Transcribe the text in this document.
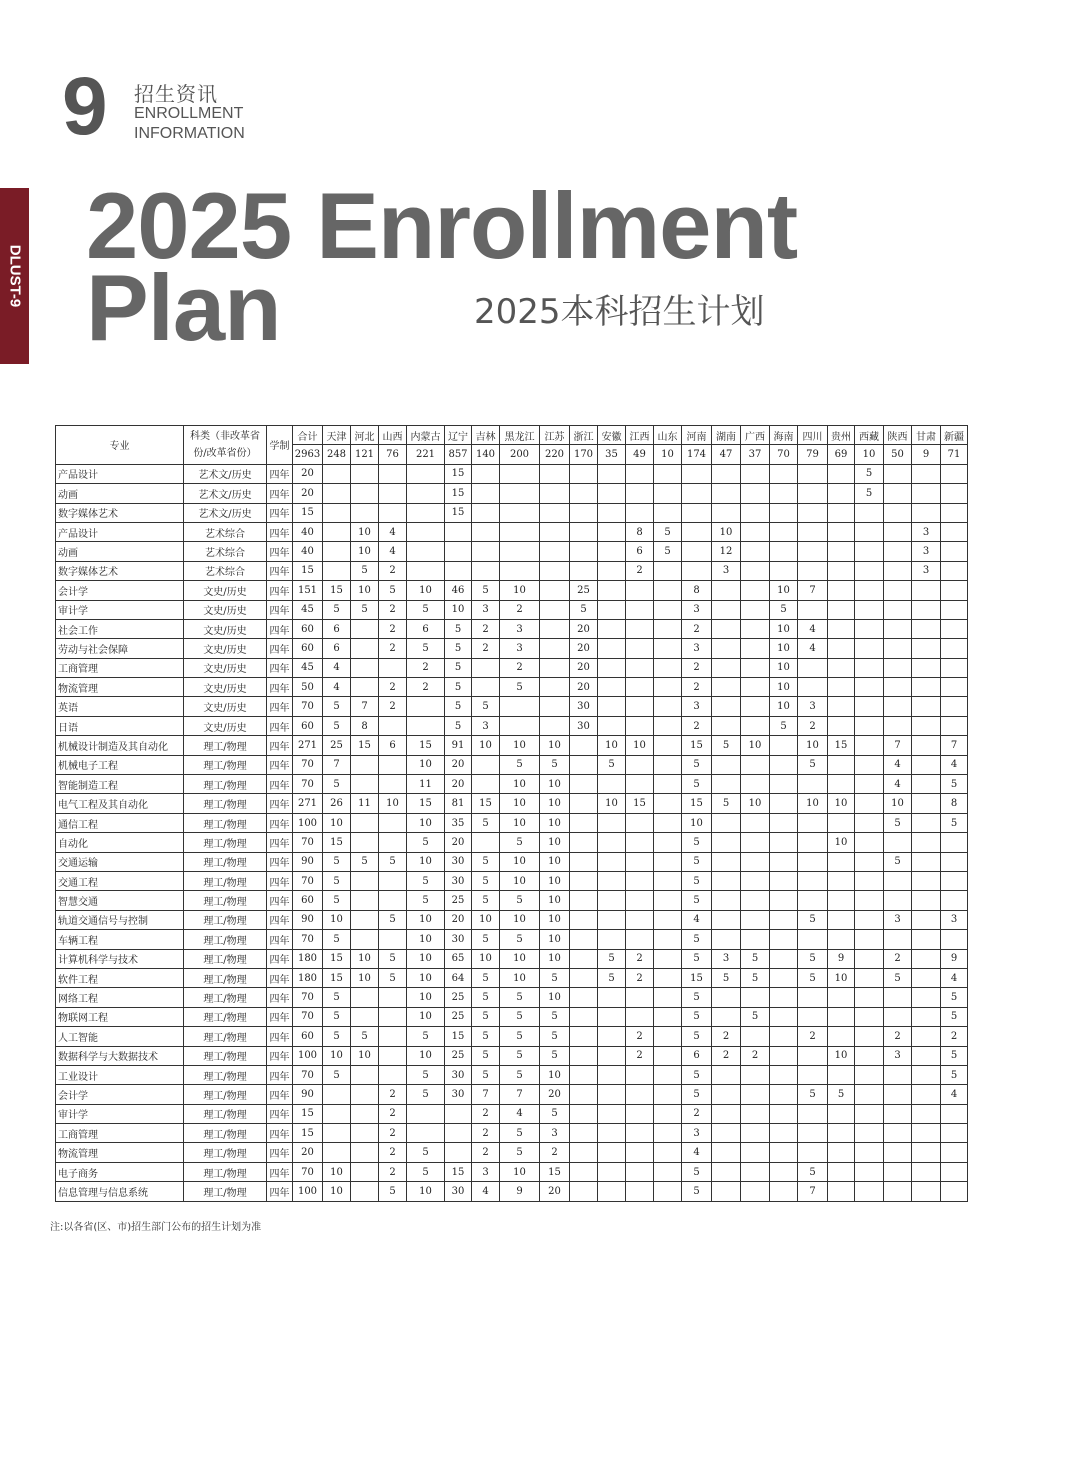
DLUST-9
9 招生资讯
ENROLLMENT
INFORMATION
2025 Enrollment
Plan	2025本科招生计划
专业	科类（非改革省份/改革省份）	学制	合计	天津	河北	山西	内蒙古	辽宁	吉林	黑龙江	江苏	浙江	安徽	江西	山东	河南	湖南	广西	海南	四川	贵州	西藏	陕西	甘肃	新疆
			2963	248	121	76	221	857	140	200	220	170	35	49	10	174	47	37	70	79	69	10	50	9	71
产品设计	艺术文/历史	四年	20					15														5			
动画	艺术文/历史	四年	20					15														5			
数字媒体艺术	艺术文/历史	四年	15					15																	
产品设计	艺术综合	四年	40		10	4								8	5		10							3	
动画	艺术综合	四年	40		10	4								6	5		12							3	
数字媒体艺术	艺术综合	四年	15		5	2								2			3							3	
会计学	文史/历史	四年	151	15	10	5	10	46	5	10		25				8			10	7					
审计学	文史/历史	四年	45	5	5	2	5	10	3	2		5				3			5						
社会工作	文史/历史	四年	60	6		2	6	5	2	3		20				2			10	4					
劳动与社会保障	文史/历史	四年	60	6		2	5	5	2	3		20				3			10	4					
工商管理	文史/历史	四年	45	4			2	5		2		20				2			10						
物流管理	文史/历史	四年	50	4		2	2	5		5		20				2			10						
英语	文史/历史	四年	70	5	7	2		5	5			30				3			10	3					
日语	文史/历史	四年	60	5	8			5	3			30				2			5	2					
机械设计制造及其自动化	理工/物理	四年	271	25	15	6	15	91	10	10	10		10	10		15	5	10		10	15		7		7
机械电子工程	理工/物理	四年	70	7			10	20		5	5		5			5				5			4		4
智能制造工程	理工/物理	四年	70	5			11	20		10	10					5							4		5
电气工程及其自动化	理工/物理	四年	271	26	11	10	15	81	15	10	10		10	15		15	5	10		10	10		10		8
通信工程	理工/物理	四年	100	10			10	35	5	10	10					10							5		5
自动化	理工/物理	四年	70	15			5	20		5	10					5					10				
交通运输	理工/物理	四年	90	5	5	5	10	30	5	10	10					5							5		
交通工程	理工/物理	四年	70	5			5	30	5	10	10					5									
智慧交通	理工/物理	四年	60	5			5	25	5	5	10					5									
轨道交通信号与控制	理工/物理	四年	90	10		5	10	20	10	10	10					4				5			3		3
车辆工程	理工/物理	四年	70	5			10	30	5	5	10					5									
计算机科学与技术	理工/物理	四年	180	15	10	5	10	65	10	10	10		5	2		5	3	5		5	9		2		9
软件工程	理工/物理	四年	180	15	10	5	10	64	5	10	5		5	2		15	5	5		5	10		5		4
网络工程	理工/物理	四年	70	5			10	25	5	5	10					5									5
物联网工程	理工/物理	四年	70	5			10	25	5	5	5					5		5							5
人工智能	理工/物理	四年	60	5	5		5	15	5	5	5			2		5	2			2			2		2
数据科学与大数据技术	理工/物理	四年	100	10	10		10	25	5	5	5			2		6	2	2			10		3		5
工业设计	理工/物理	四年	70	5			5	30	5	5	10					5									5
会计学	理工/物理	四年	90			2	5	30	7	7	20					5				5	5				4
审计学	理工/物理	四年	15			2			2	4	5					2									
工商管理	理工/物理	四年	15			2			2	5	3					3									
物流管理	理工/物理	四年	20			2	5		2	5	2					4									
电子商务	理工/物理	四年	70	10		2	5	15	3	10	15					5				5					
信息管理与信息系统	理工/物理	四年	100	10		5	10	30	4	9	20					5				7					
注:以各省(区、市)招生部门公布的招生计划为准
